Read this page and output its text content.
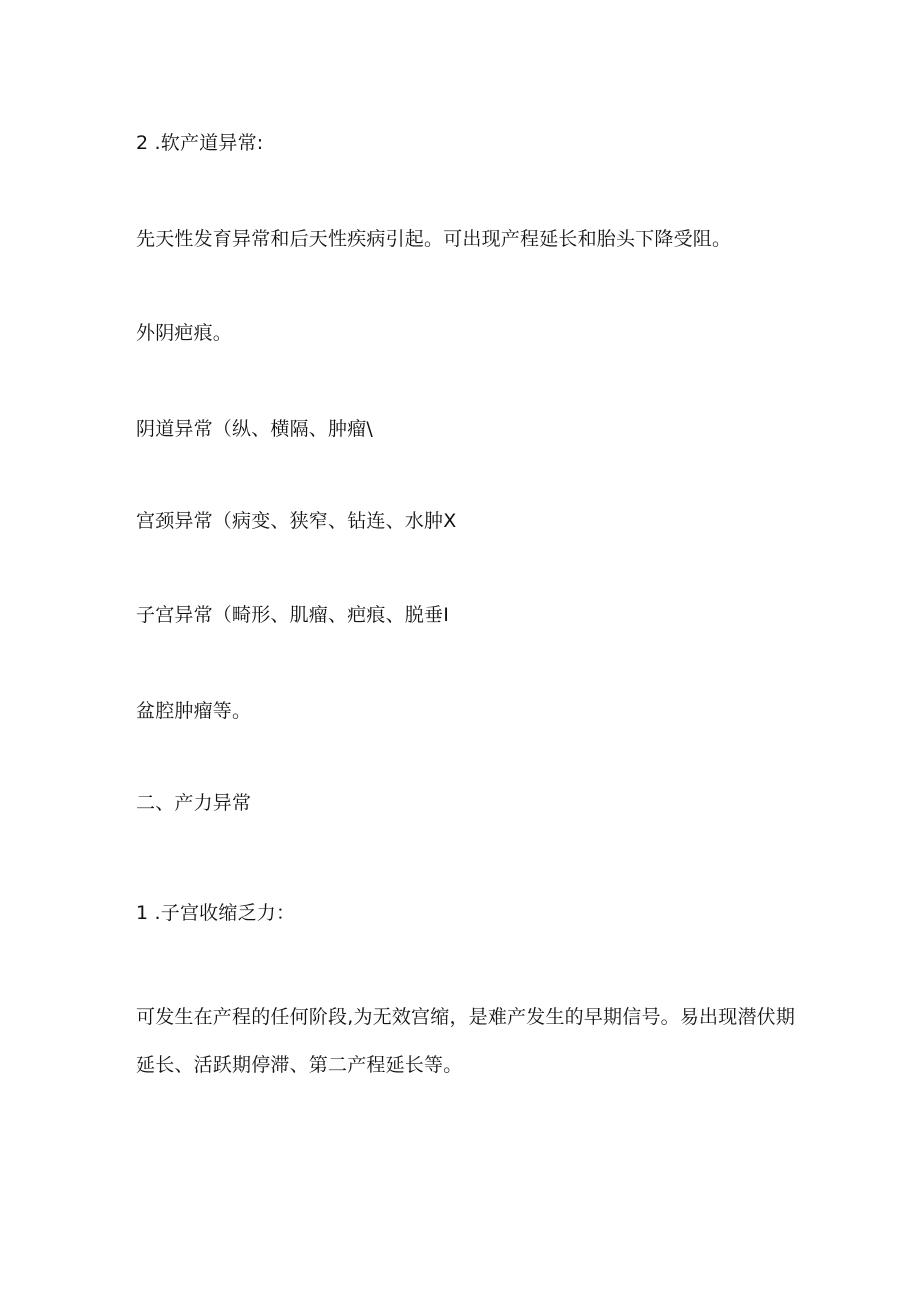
2 .软产道异常:
先天性发育异常和后天性疾病引起。可出现产程延长和胎头下降受阻。
外阴疤痕。
阴道异常（纵、横隔、肿瘤\
宫颈异常（病变、狭窄、钻连、水肿X
子宫异常（畸形、肌瘤、疤痕、脱垂I
盆腔肿瘤等。
二、产力异常
1 .子宫收缩乏力：
可发生在产程的任何阶段,为无效宫缩，是难产发生的早期信号。易出现潜伏期
延长、活跃期停滞、第二产程延长等。
